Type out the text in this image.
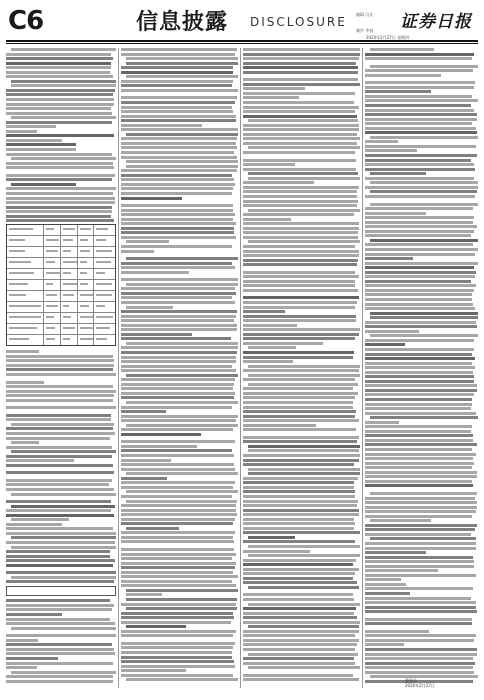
C6	信息披露 DISCLOSURE
编辑 冯凡
制作 李春
2020年2月27日 星期四
证券日报
董事会
2020年2月27日
